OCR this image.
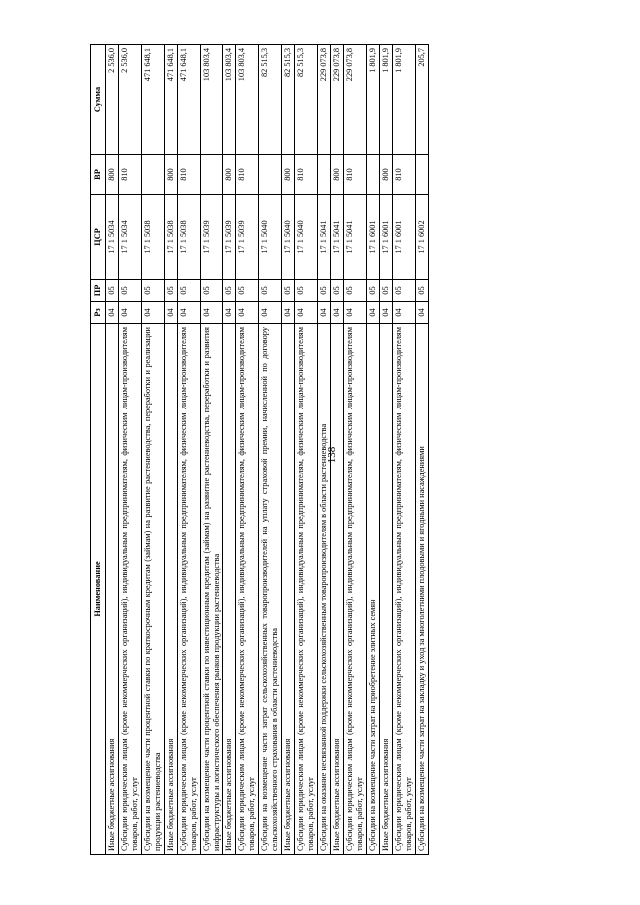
138
Наименование	Рз	ПР	ЦСР	ВР	Сумма
Иные бюджетные ассигнования	04	05	17 1 5034	800	2 536,0
Субсидии юридическим лицам (кроме некоммерческих организаций), индивидуальным предпринимателям, физическим лицам-производителям товаров, работ, услуг	04	05	17 1 5034	810	2 536,0
Субсидии на возмещение части процентной ставки по краткосрочным кредитам (займам) на развитие растениеводства, переработки и реализации продукции растениеводства	04	05	17 1 5038		471 648,1
Иные бюджетные ассигнования	04	05	17 1 5038	800	471 648,1
Субсидии юридическим лицам (кроме некоммерческих организаций), индивидуальным предпринимателям, физическим лицам-производителям товаров, работ, услуг	04	05	17 1 5038	810	471 648,1
Субсидии на возмещение части процентной ставки по инвестиционным кредитам (займам) на развитие растениеводства, переработки и развития инфраструктуры и логистического обеспечения рынков продукции растениеводства	04	05	17 1 5039		103 803,4
Иные бюджетные ассигнования	04	05	17 1 5039	800	103 803,4
Субсидии юридическим лицам (кроме некоммерческих организаций), индивидуальным предпринимателям, физическим лицам-производителям товаров, работ, услуг	04	05	17 1 5039	810	103 803,4
Субсидии на возмещение части затрат сельскохозяйственных товаропроизводителей на уплату страховой премии, начисленной по договору сельскохозяйственного страхования в области растениеводства	04	05	17 1 5040		82 515,3
Иные бюджетные ассигнования	04	05	17 1 5040	800	82 515,3
Субсидии юридическим лицам (кроме некоммерческих организаций), индивидуальным предпринимателям, физическим лицам-производителям товаров, работ, услуг	04	05	17 1 5040	810	82 515,3
Субсидии на оказание несвязанной поддержки сельскохозяйственным товаропроизводителям в области растениеводства	04	05	17 1 5041		229 073,8
Иные бюджетные ассигнования	04	05	17 1 5041	800	229 073,8
Субсидии юридическим лицам (кроме некоммерческих организаций), индивидуальным предпринимателям, физическим лицам-производителям товаров, работ, услуг	04	05	17 1 5041	810	229 073,8
Субсидии на возмещение части затрат на приобретение элитных семян	04	05	17 1 6001		1 801,9
Иные бюджетные ассигнования	04	05	17 1 6001	800	1 801,9
Субсидии юридическим лицам (кроме некоммерческих организаций), индивидуальным предпринимателям, физическим лицам-производителям товаров, работ, услуг	04	05	17 1 6001	810	1 801,9
Субсидии на возмещение части затрат на закладку и уход за многолетними плодовыми и ягодными насаждениями	04	05	17 1 6002		205,7
